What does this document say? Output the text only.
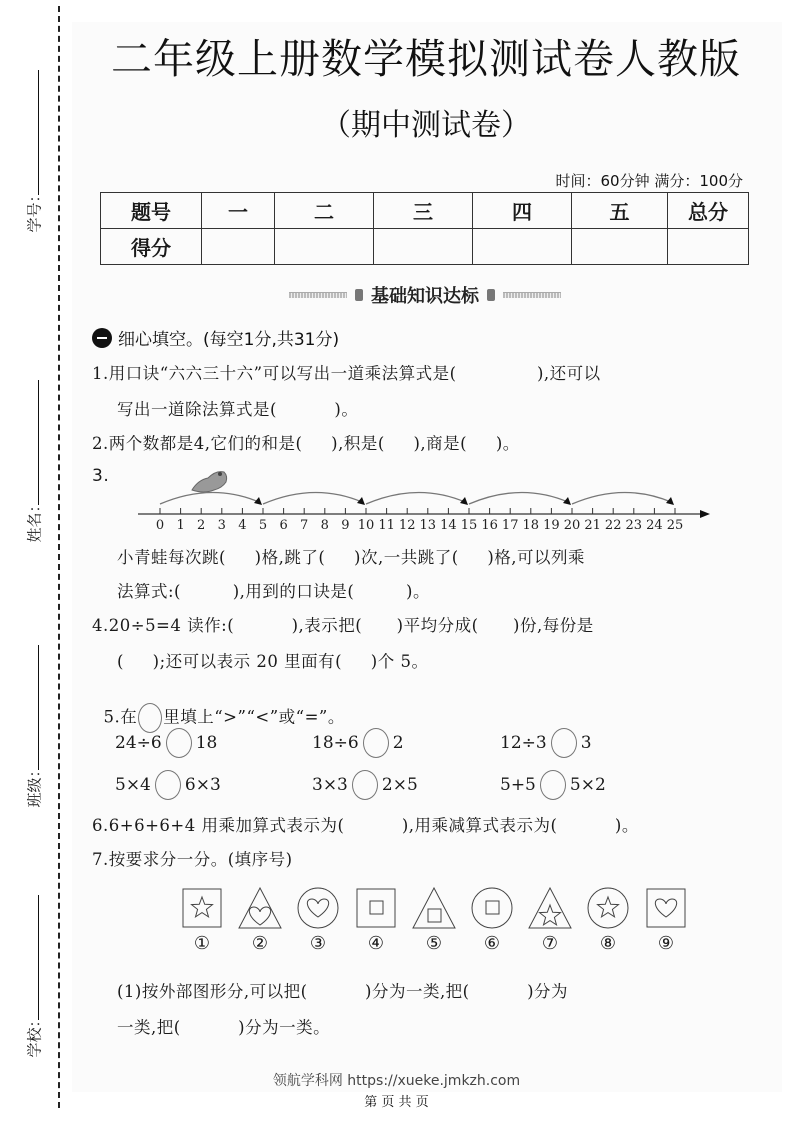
学号：
姓名：
班级：
学校：
二年级上册数学模拟测试卷人教版
（期中测试卷）
时间：60分钟 满分：100分
题号	一	二	三	四	五	总分
得分						
基础知识达标
细心填空。(每空1分,共31分)
1.用口诀“六六三十六”可以写出一道乘法算式是(              ),还可以
写出一道除法算式是(          )。
2.两个数都是4,它们的和是(     ),积是(     ),商是(     )。
3.
0 1 2 3 4 5 6 7 8 9 10 11 12 13 14 15 16 17 18 19 20 21 22 23 24 25
小青蛙每次跳(     )格,跳了(     )次,一共跳了(     )格,可以列乘
法算式:(         ),用到的口诀是(         )。
4.20÷5=4 读作:(          ),表示把(      )平均分成(      )份,每份是
(     );还可以表示 20 里面有(     )个 5。

5.在 里填上“>”“<”或“=”。

24÷6 18	18÷6 2	12÷3 3
5×4 6×3	3×3 2×5	5+5 5×2
6.6+6+6+4 用乘加算式表示为(          ),用乘减算式表示为(          )。
7.按要求分一分。(填序号)
①	②	③	④	⑤	⑥	⑦	⑧	⑨
(1)按外部图形分,可以把(          )分为一类,把(          )分为
一类,把(          )分为一类。
领航学科网 https://xueke.jmkzh.com
第 页 共 页
